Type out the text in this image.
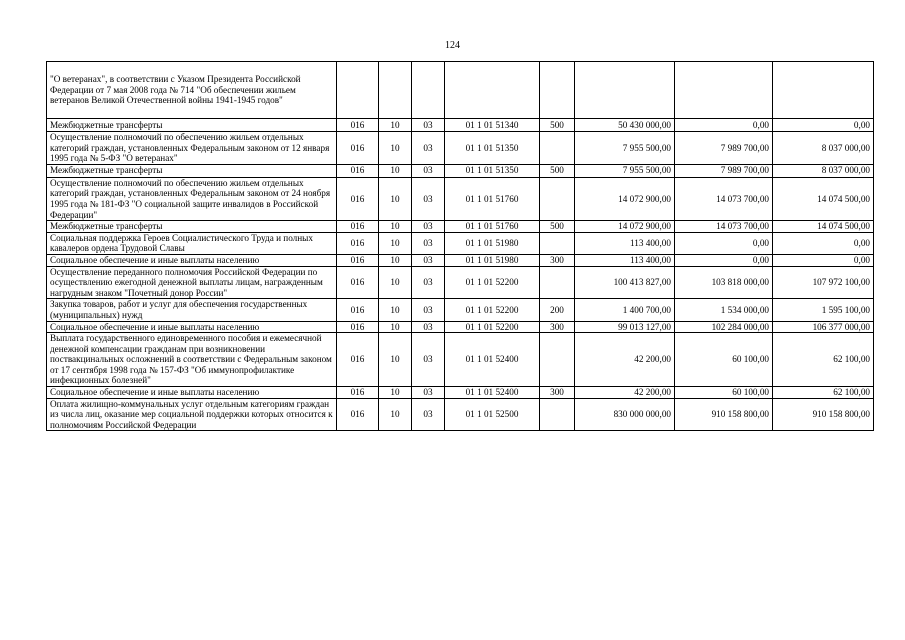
124
"О ветеранах", в соответствии с Указом Президента Российской Федерации от 7 мая 2008 года № 714 "Об обеспечении жильем ветеранов Великой Отечественной войны 1941-1945 годов"								
Межбюджетные трансферты	016	10	03	01 1 01 51340	500	50 430 000,00	0,00	0,00
Осуществление полномочий по обеспечению жильем отдельных категорий граждан, установленных Федеральным законом от 12 января 1995 года № 5-ФЗ "О ветеранах"	016	10	03	01 1 01 51350		7 955 500,00	7 989 700,00	8 037 000,00
Межбюджетные трансферты	016	10	03	01 1 01 51350	500	7 955 500,00	7 989 700,00	8 037 000,00
Осуществление полномочий по обеспечению жильем отдельных категорий граждан, установленных Федеральным законом от 24 ноября 1995 года № 181-ФЗ "О социальной защите инвалидов в Российской Федерации"	016	10	03	01 1 01 51760		14 072 900,00	14 073 700,00	14 074 500,00
Межбюджетные трансферты	016	10	03	01 1 01 51760	500	14 072 900,00	14 073 700,00	14 074 500,00
Социальная поддержка Героев Социалистического Труда и полных кавалеров ордена Трудовой Славы	016	10	03	01 1 01 51980		113 400,00	0,00	0,00
Социальное обеспечение и иные выплаты населению	016	10	03	01 1 01 51980	300	113 400,00	0,00	0,00
Осуществление переданного полномочия Российской Федерации по осуществлению ежегодной денежной выплаты лицам, награжденным нагрудным знаком "Почетный донор России"	016	10	03	01 1 01 52200		100 413 827,00	103 818 000,00	107 972 100,00
Закупка товаров, работ и услуг для обеспечения государственных (муниципальных) нужд	016	10	03	01 1 01 52200	200	1 400 700,00	1 534 000,00	1 595 100,00
Социальное обеспечение и иные выплаты населению	016	10	03	01 1 01 52200	300	99 013 127,00	102 284 000,00	106 377 000,00
Выплата государственного единовременного пособия и ежемесячной денежной компенсации гражданам при возникновении поствакцинальных осложнений в соответствии с Федеральным законом от 17 сентября 1998 года № 157-ФЗ "Об иммунопрофилактике инфекционных болезней"	016	10	03	01 1 01 52400		42 200,00	60 100,00	62 100,00
Социальное обеспечение и иные выплаты населению	016	10	03	01 1 01 52400	300	42 200,00	60 100,00	62 100,00
Оплата жилищно-коммунальных услуг отдельным категориям граждан из числа лиц, оказание мер социальной поддержки которых относится к полномочиям Российской Федерации	016	10	03	01 1 01 52500		830 000 000,00	910 158 800,00	910 158 800,00
